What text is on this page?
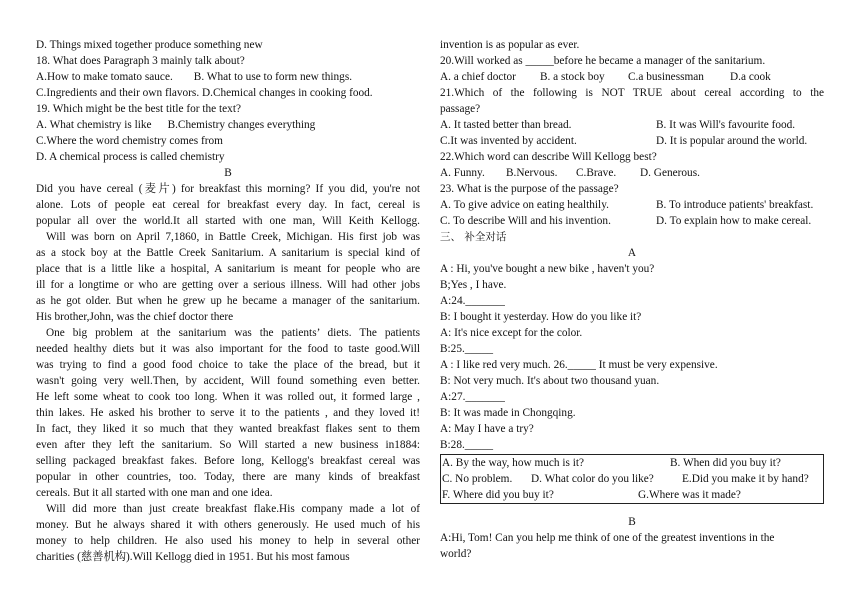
D. Things mixed together produce something new
18. What does Paragraph 3 mainly talk about?
A.How to make tomato sauce. B. What to use to form new things.
C.Ingredients and their own flavors. D.Chemical changes in cooking food.
19. Which might be the best title for the text?
A. What chemistry is like B.Chemistry changes everything
C.Where the word chemistry comes from
D. A chemical process is called chemistry
B
Did you have cereal (麦片) for breakfast this morning? If you did, you're not
alone. Lots of people eat cereal for breakfast every day. In fact, cereal is
popular all over the world.It all started with one man, Will Keith Kellogg.
Will was born on April 7,1860, in Battle Creek, Michigan. His first job was
as a stock boy at the Battle Creek Sanitarium. A sanitarium is special kind of
place that is a little like a hospital, A sanitarium is meant for people who are
ill for a longtime or who are getting over a serious illness. Will had other jobs
as he got older. But when he grew up he became a manager of the sanitarium.
His brother,John, was the chief doctor there
One big problem at the sanitarium was the patients’ diets. The patients
needed healthy diets but it was also important for the food to taste good.Will
was trying to find a good food choice to take the place of the bread, but it
wasn't going very well.Then, by accident, Will found something even better.
He left some wheat to cook too long. When it was rolled out, it formed large ,
thin lakes. He asked his brother to serve it to the patients , and they loved it!
In fact, they liked it so much that they wanted breakfast flakes sent to them
even after they left the sanitarium. So Will started a new business in1884:
selling packaged breakfast fakes. Before long, Kellogg's breakfast cereal was
popular in other countries, too. Today, there are many kinds of breakfast
cereals. But it all started with one man and one idea.
Will did more than just create breakfast flake.His company made a lot of
money. But he always shared it with others generously. He used much of his
money to help children. He also used his money to help in several other
charities (慈善机构).Will Kellogg died in 1951. But his most famous
invention is as popular as ever.
20.Will worked as _____before he became a manager of the sanitarium.
A. a chief doctor B. a stock boy C.a businessman D.a cook
21.Which of the following is NOT TRUE about cereal according to the
passage?
A. It tasted better than bread.	B. It was Will's favourite food.
C.It was invented by accident.	D. It is popular around the world.
22.Which word can describe Will Kellogg best?
A. Funny. B.Nervous. C.Brave. D. Generous.
23. What is the purpose of the passage?
A. To give advice on eating healthily.	B. To introduce patients' breakfast.
C. To describe Will and his invention.	D. To explain how to make cereal.
三、 补全对话
A
A : Hi, you've bought a new bike , haven't you?
B;Yes , I have.
A:24._______
B: I bought it yesterday. How do you like it?
A: It's nice except for the color.
B:25._____
A : I like red very much. 26._____ It must be very expensive.
B: Not very much. It's about two thousand yuan.
A:27._______
B: It was made in Chongqing.
A: May I have a try?
B:28._____
A. By the way, how much is it?	B. When did you buy it?
C. No problem. D. What color do you like? E.Did you make it by hand?
F. Where did you buy it?	G.Where was it made?
B
A:Hi, Tom! Can you help me think of one of the greatest inventions in the
world?
